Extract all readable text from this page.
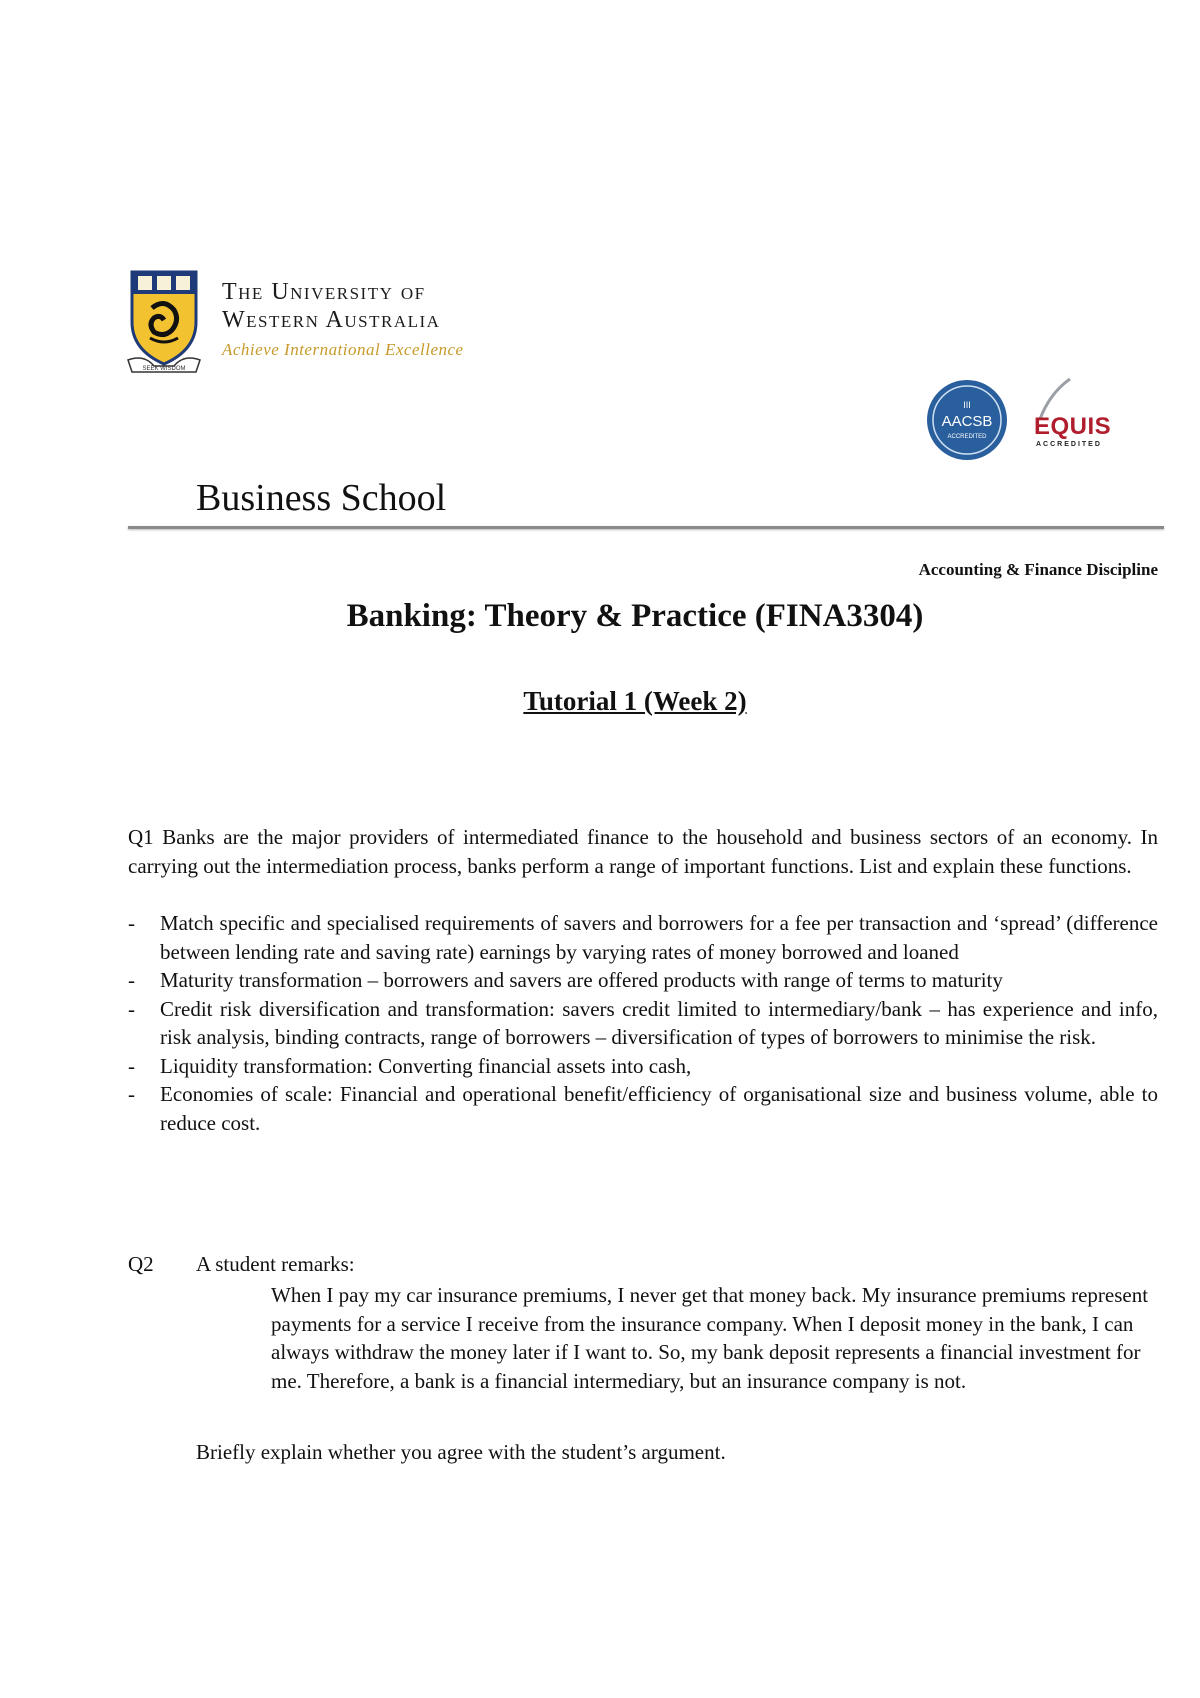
SEEK WISDOM
The University of
Western Australia
Achieve International Excellence
III
AACSB
ACCREDITED EQUIS
ACCREDITED
Business School
Accounting & Finance Discipline
Banking: Theory & Practice (FINA3304)
Tutorial 1 (Week 2)
Q1 Banks are the major providers of intermediated finance to the household and business sectors of an economy. In carrying out the intermediation process, banks perform a range of important functions. List and explain these functions.
- Match specific and specialised requirements of savers and borrowers for a fee per transaction and ‘spread’ (difference between lending rate and saving rate) earnings by varying rates of money borrowed and loaned
- Maturity transformation – borrowers and savers are offered products with range of terms to maturity
- Credit risk diversification and transformation: savers credit limited to intermediary/bank – has experience and info, risk analysis, binding contracts, range of borrowers – diversification of types of borrowers to minimise the risk.
- Liquidity transformation: Converting financial assets into cash,
- Economies of scale: Financial and operational benefit/efficiency of organisational size and business volume, able to reduce cost.
Q2 A student remarks:
When I pay my car insurance premiums, I never get that money back. My insurance premiums represent payments for a service I receive from the insurance company. When I deposit money in the bank, I can always withdraw the money later if I want to. So, my bank deposit represents a financial investment for me. Therefore, a bank is a financial intermediary, but an insurance company is not.
Briefly explain whether you agree with the student’s argument.
